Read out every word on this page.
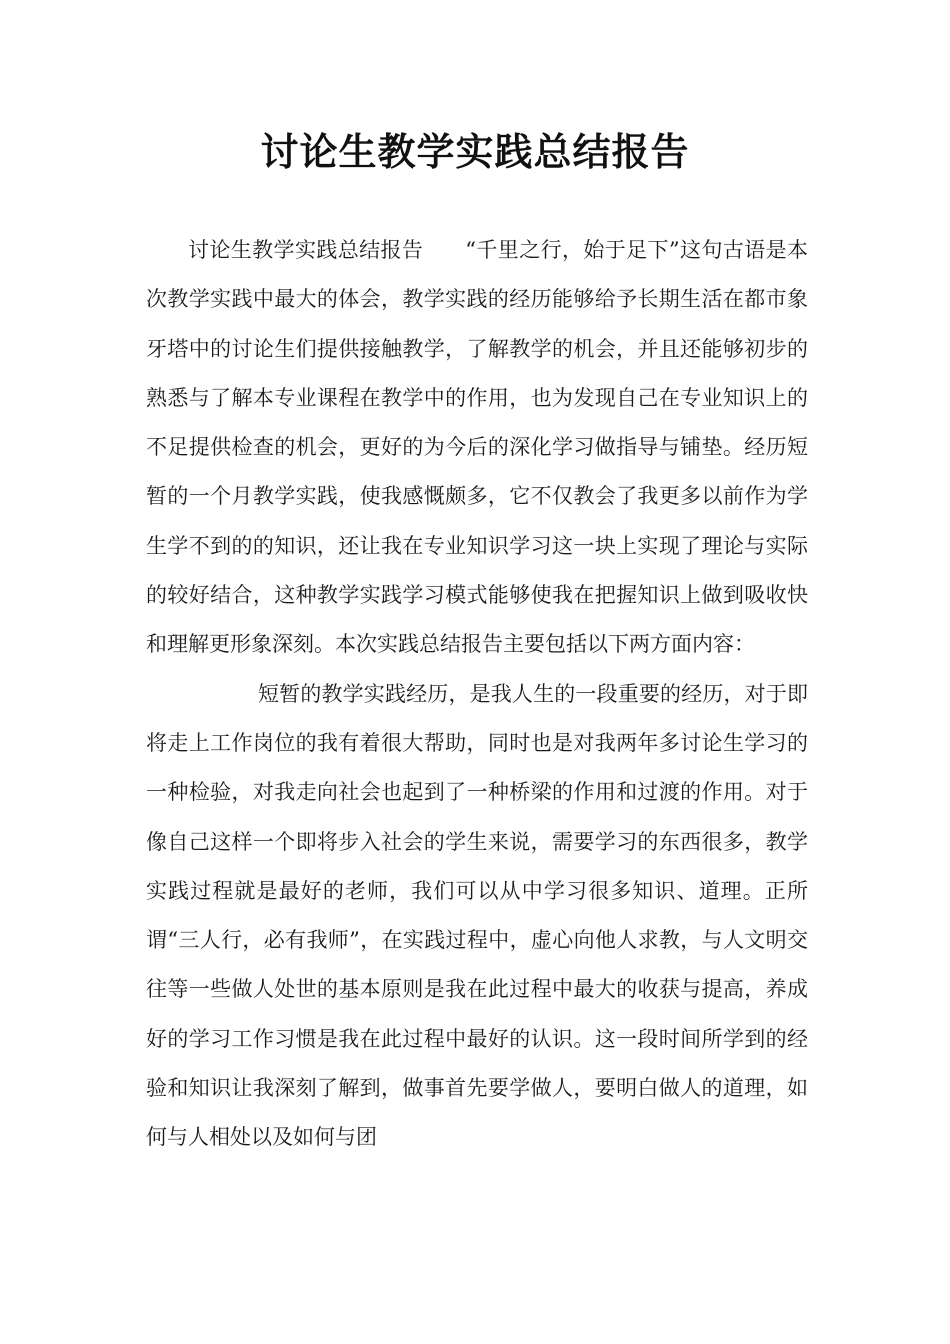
讨论生教学实践总结报告

讨论生教学实践总结报告 “千里之行，始于足下”这句古语是本次教学实践中最大的体会，教学实践的经历能够给予长期生活在都市象牙塔中的讨论生们提供接触教学，了解教学的机会，并且还能够初步的熟悉与了解本专业课程在教学中的作用，也为发现自己在专业知识上的不足提供检查的机会，更好的为今后的深化学习做指导与铺垫。经历短暂的一个月教学实践，使我感慨颇多，它不仅教会了我更多以前作为学生学不到的的知识，还让我在专业知识学习这一块上实现了理论与实际的较好结合，这种教学实践学习模式能够使我在把握知识上做到吸收快和理解更形象深刻。本次实践总结报告主要包括以下两方面内容：

短暂的教学实践经历，是我人生的一段重要的经历，对于即将走上工作岗位的我有着很大帮助，同时也是对我两年多讨论生学习的一种检验，对我走向社会也起到了一种桥梁的作用和过渡的作用。对于像自己这样一个即将步入社会的学生来说，需要学习的东西很多，教学实践过程就是最好的老师，我们可以从中学习很多知识、道理。正所谓“三人行，必有我师”，在实践过程中，虚心向他人求教，与人文明交往等一些做人处世的基本原则是我在此过程中最大的收获与提高，养成好的学习工作习惯是我在此过程中最好的认识。这一段时间所学到的经验和知识让我深刻了解到，做事首先要学做人，要明白做人的道理，如何与人相处以及如何与团
